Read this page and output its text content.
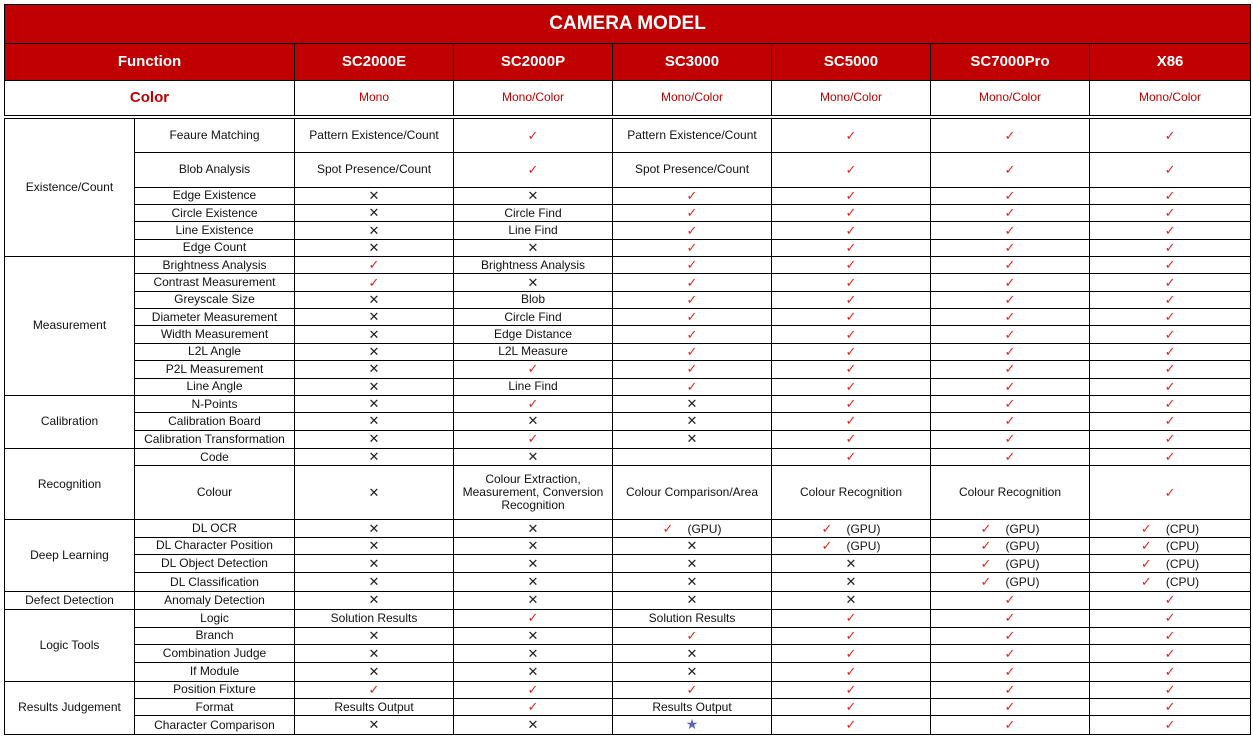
CAMERA MODEL							
Function		SC2000E	SC2000P	SC3000	SC5000	SC7000Pro	X86
Color		Mono	Mono/Color	Mono/Color	Mono/Color	Mono/Color	Mono/Color

Existence/Count	Feaure Matching	Pattern Existence/Count	✓	Pattern Existence/Count	✓	✓	✓
	Blob Analysis	Spot Presence/Count	✓	Spot Presence/Count	✓	✓	✓
	Edge Existence	✕	✕	✓	✓	✓	✓
	Circle Existence	✕	Circle Find	✓	✓	✓	✓
	Line Existence	✕	Line Find	✓	✓	✓	✓
	Edge Count	✕	✕	✓	✓	✓	✓
Measurement	Brightness Analysis	✓	Brightness Analysis	✓	✓	✓	✓
	Contrast Measurement	✓	✕	✓	✓	✓	✓
	Greyscale Size	✕	Blob	✓	✓	✓	✓
	Diameter Measurement	✕	Circle Find	✓	✓	✓	✓
	Width Measurement	✕	Edge Distance	✓	✓	✓	✓
	L2L Angle	✕	L2L Measure	✓	✓	✓	✓
	P2L Measurement	✕	✓	✓	✓	✓	✓
	Line Angle	✕	Line Find	✓	✓	✓	✓
Calibration	N-Points	✕	✓	✕	✓	✓	✓
	Calibration Board	✕	✕	✕	✓	✓	✓
	Calibration Transformation	✕	✓	✕	✓	✓	✓
Recognition	Code	✕	✕		✓	✓	✓
	Colour	✕	Colour Extraction, Measurement, Conversion Recognition	Colour Comparison/Area	Colour Recognition	Colour Recognition	✓
Deep Learning	DL OCR	✕	✕	✓ (GPU)	✓ (GPU)	✓ (GPU)	✓ (CPU)
	DL Character Position	✕	✕	✕	✓ (GPU)	✓ (GPU)	✓ (CPU)
	DL Object Detection	✕	✕	✕	✕	✓ (GPU)	✓ (CPU)
	DL Classification	✕	✕	✕	✕	✓ (GPU)	✓ (CPU)
Defect Detection	Anomaly Detection	✕	✕	✕	✕	✓	✓
Logic Tools	Logic	Solution Results	✓	Solution Results	✓	✓	✓
	Branch	✕	✕	✓	✓	✓	✓
	Combination Judge	✕	✕	✕	✓	✓	✓
	If Module	✕	✕	✕	✓	✓	✓
Results Judgement	Position Fixture	✓	✓	✓	✓	✓	✓
	Format	Results Output	✓	Results Output	✓	✓	✓
	Character Comparison	✕	✕	★	✓	✓	✓
